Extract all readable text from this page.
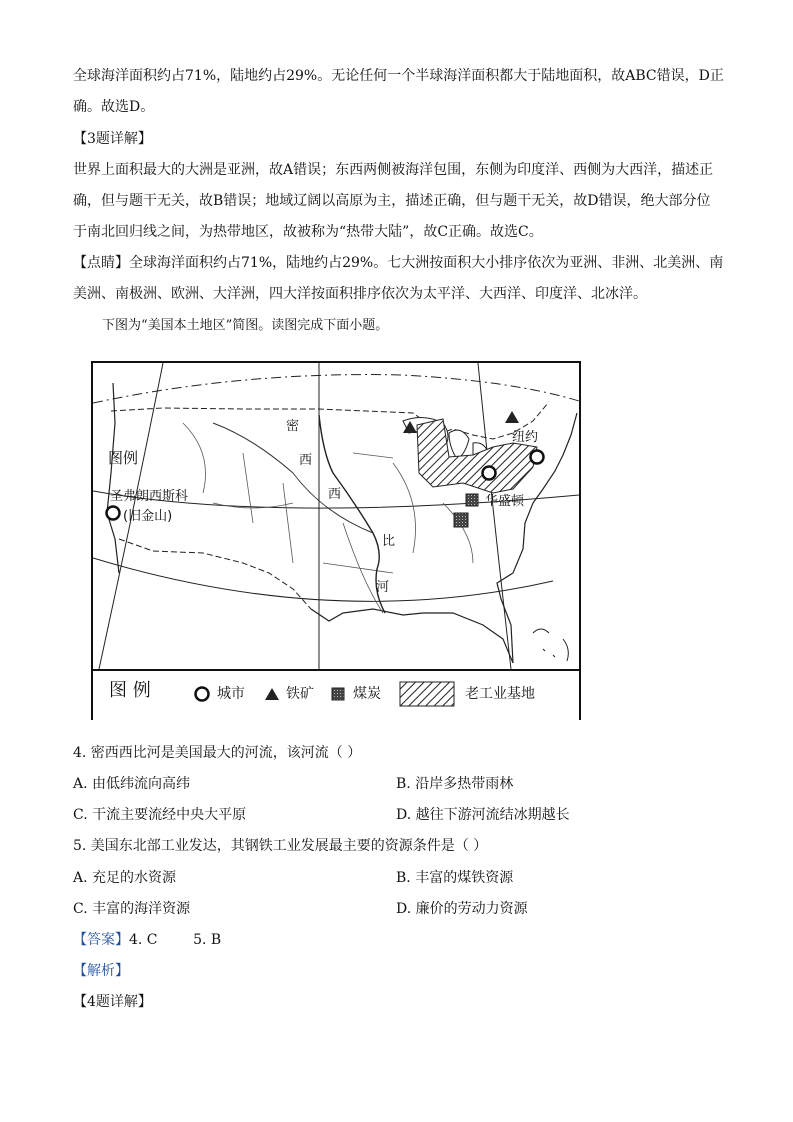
全球海洋面积约占71%，陆地约占29%。无论任何一个半球海洋面积都大于陆地面积，故ABC错误，D正
确。故选D。
【3题详解】
世界上面积最大的大洲是亚洲，故A错误；东西两侧被海洋包围，东侧为印度洋、西侧为大西洋，描述正
确，但与题干无关，故B错误；地域辽阔以高原为主，描述正确，但与题干无关，故D错误，绝大部分位
于南北回归线之间，为热带地区，故被称为“热带大陆”，故C正确。故选C。
【点睛】全球海洋面积约占71%，陆地约占29%。七大洲按面积大小排序依次为亚洲、非洲、北美洲、南
美洲、南极洲、欧洲、大洋洲，四大洋按面积排序依次为太平洋、大西洋、印度洋、北冰洋。
下图为“美国本土地区”简图。读图完成下面小题。
密
西
西
比
河
图例
圣弗朗西斯科
(旧金山)
纽约
华盛顿
图 例	城市	铁矿	煤炭	老工业基地
4. 密西西比河是美国最大的河流，该河流（ ）
A. 由低纬流向高纬	B. 沿岸多热带雨林
C. 干流主要流经中央大平原	D. 越往下游河流结冰期越长
5. 美国东北部工业发达，其钢铁工业发展最主要的资源条件是（ ）
A. 充足的水资源	B. 丰富的煤铁资源
C. 丰富的海洋资源	D. 廉价的劳动力资源
【答案】4. C        5. B
【解析】
【4题详解】
